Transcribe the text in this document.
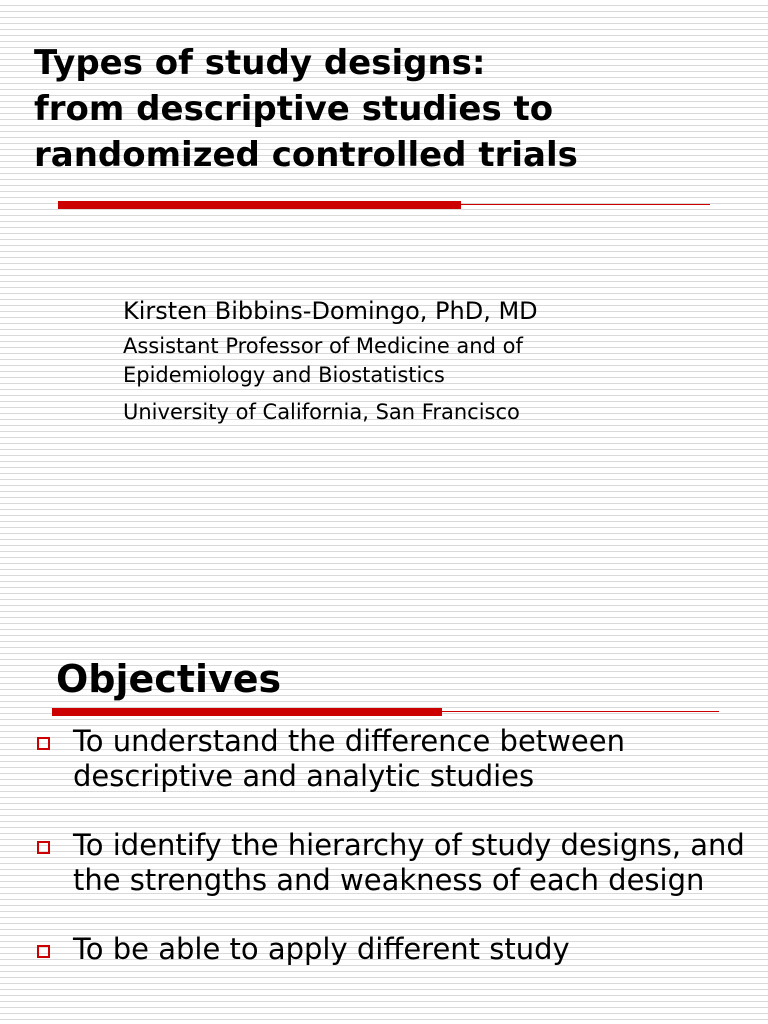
Types of study designs:
from descriptive studies to
randomized controlled trials

Kirsten Bibbins-Domingo, PhD, MD

Assistant Professor of Medicine and of

Epidemiology and Biostatistics

University of California, San Francisco

Objectives
To understand the difference between descriptive and analytic studies
To identify the hierarchy of study designs, and the strengths and weakness of each design
To be able to apply different study
